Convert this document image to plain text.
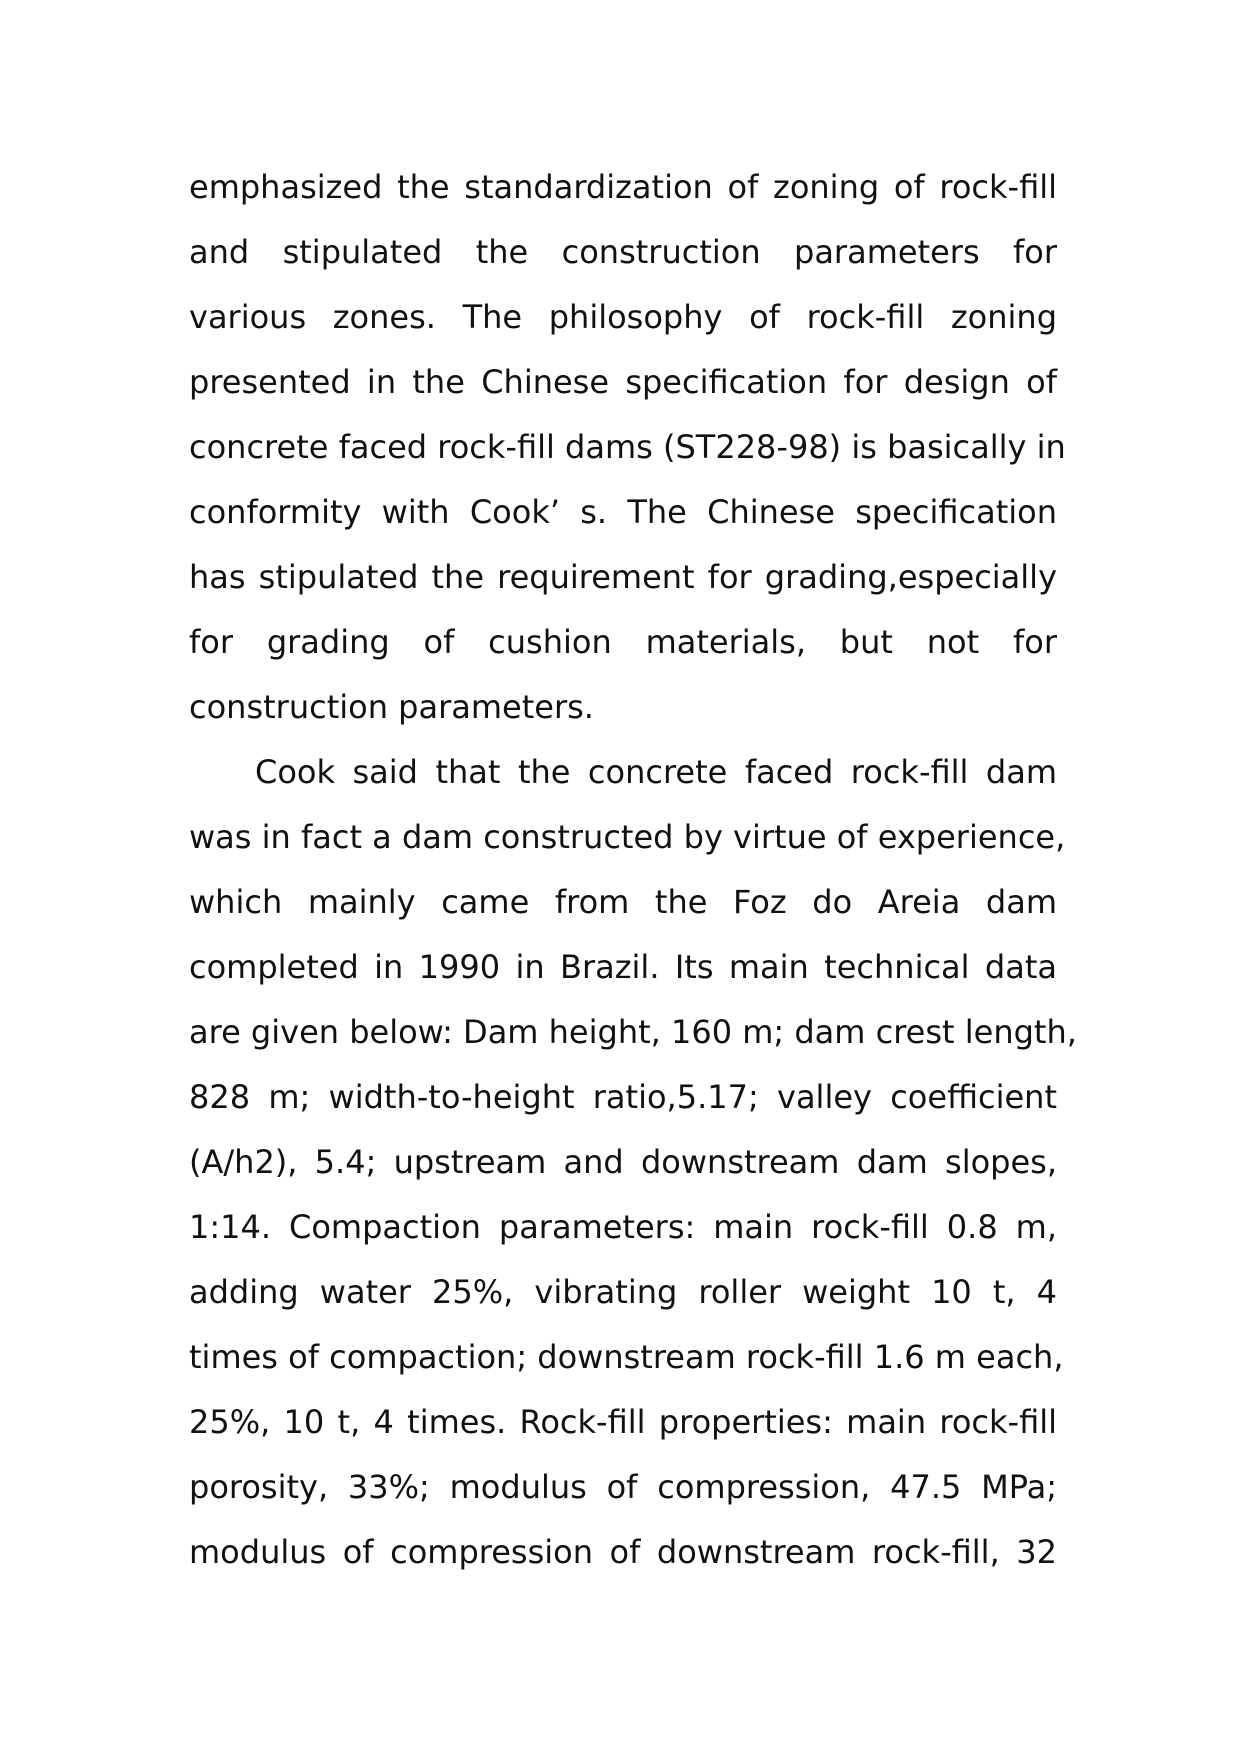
emphasized the standardization of zoning of rock-fill
and stipulated the construction parameters for
various zones. The philosophy of rock-fill zoning
presented in the Chinese specification for design of
concrete faced rock-fill dams (ST228-98) is basically in
conformity with Cook’ s. The Chinese specification
has stipulated the requirement for grading,especially
for grading of cushion materials, but not for
construction parameters.
Cook said that the concrete faced rock-fill dam
was in fact a dam constructed by virtue of experience,
which mainly came from the Foz do Areia dam
completed in 1990 in Brazil. Its main technical data
are given below: Dam height, 160 m; dam crest length,
828 m; width-to-height ratio,5.17; valley coefficient
(A/h2), 5.4; upstream and downstream dam slopes,
1:14. Compaction parameters: main rock-fill 0.8 m,
adding water 25%, vibrating roller weight 10 t, 4
times of compaction; downstream rock-fill 1.6 m each,
25%, 10 t, 4 times. Rock-fill properties: main rock-fill
porosity, 33%; modulus of compression, 47.5 MPa;
modulus of compression of downstream rock-fill, 32
